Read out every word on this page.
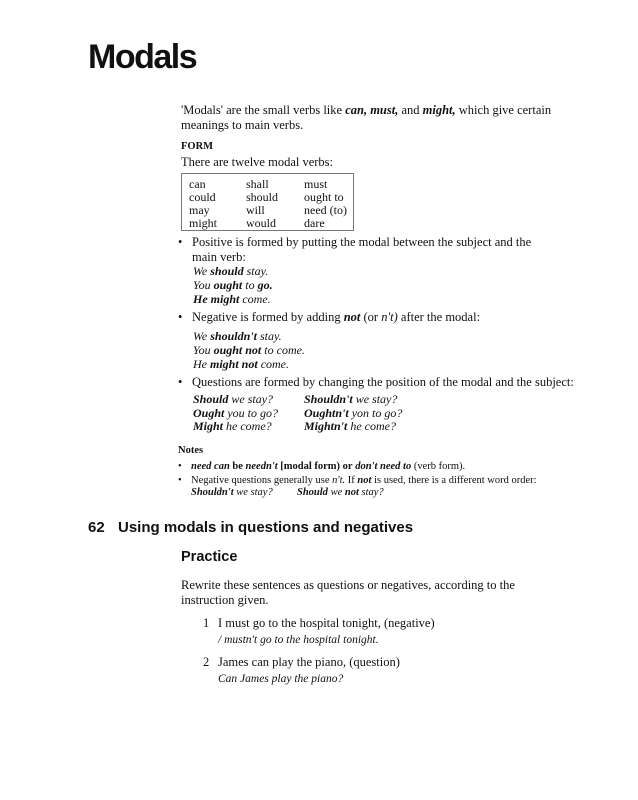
Modals
'Modals' are the small verbs like can, must, and might, which give certain meanings to main verbs.
FORM
There are twelve modal verbs:
can	shall	must
could	should	ought to
may	will	need (to)
might	would	dare
• Positive is formed by putting the modal between the subject and the
main verb:
We should stay.
You ought to go.
He might come.
• Negative is formed by adding not (or n't) after the modal:
We shouldn't stay.
You ought not to come.
He might not come.
• Questions are formed by changing the position of the modal and the subject:
Should we stay?	Shouldn't we stay?
Ought you to go?	Oughtn't yon to go?
Might he come?	Mightn't he come?
Notes
• need can be needn't [modal form) or don't need to (verb form).
• Negative questions generally use n't. If not is used, there is a different word order:
Shouldn't we stay? Should we not stay?
62 Using modals in questions and negatives
Practice
Rewrite these sentences as questions or negatives, according to the instruction given.
1 I must go to the hospital tonight, (negative)
/ mustn't go to the hospital tonight.
2 James can play the piano, (question)
Can James play the piano?
